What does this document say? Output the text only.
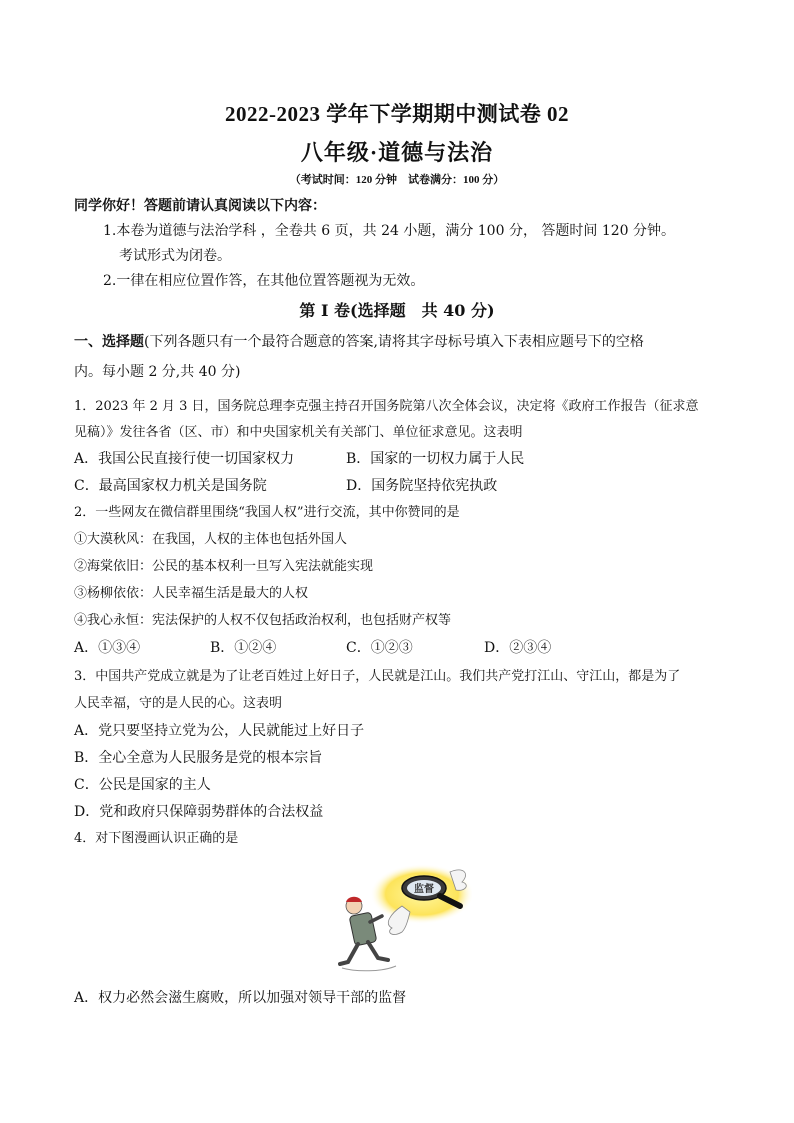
2022-2023 学年下学期期中测试卷 02
八年级·道德与法治
（考试时间：120 分钟　试卷满分：100 分）
同学你好！答题前请认真阅读以下内容：
1.本卷为道德与法治学科 ，全卷共 6 页，共 24 小题，满分 100 分， 答题时间 120 分钟。
考试形式为闭卷。
2.一律在相应位置作答，在其他位置答题视为无效。
第 I 卷(选择题　共 40 分)
一、选择题(下列各题只有一个最符合题意的答案,请将其字母标号填入下表相应题号下的空格
内。每小题 2 分,共 40 分)
1．2023 年 2 月 3 日，国务院总理李克强主持召开国务院第八次全体会议，决定将《政府工作报告（征求意
见稿）》发往各省（区、市）和中央国家机关有关部门、单位征求意见。这表明
A．我国公民直接行使一切国家权力	B．国家的一切权力属于人民
C．最高国家权力机关是国务院	D．国务院坚持依宪执政
2．一些网友在微信群里围绕“我国人权”进行交流，其中你赞同的是
①大漠秋风：在我国，人权的主体也包括外国人
②海棠依旧：公民的基本权利一旦写入宪法就能实现
③杨柳依依：人民幸福生活是最大的人权
④我心永恒：宪法保护的人权不仅包括政治权利，也包括财产权等
A．①③④	B．①②④	C．①②③	D．②③④
3．中国共产党成立就是为了让老百姓过上好日子，人民就是江山。我们共产党打江山、守江山，都是为了
人民幸福，守的是人民的心。这表明
A．党只要坚持立党为公，人民就能过上好日子
B．全心全意为人民服务是党的根本宗旨
C．公民是国家的主人
D．党和政府只保障弱势群体的合法权益
4．对下图漫画认识正确的是
监督
A．权力必然会滋生腐败，所以加强对领导干部的监督
